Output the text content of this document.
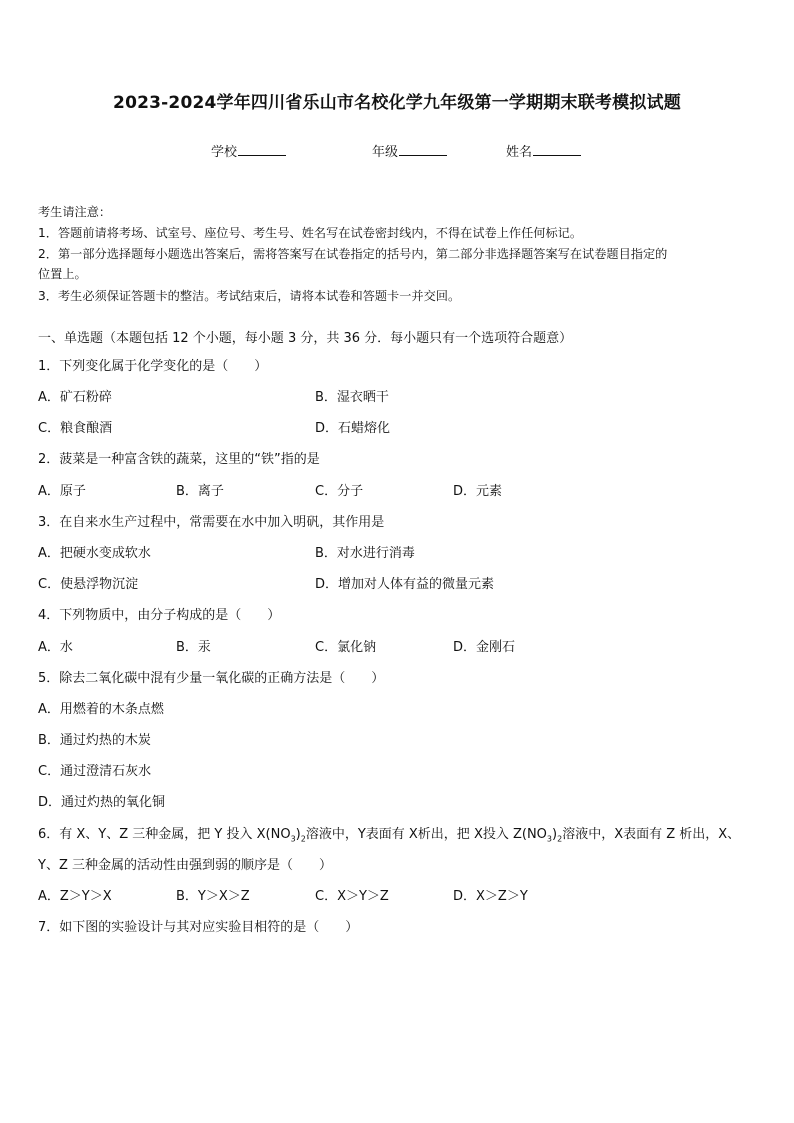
2023-2024学年四川省乐山市名校化学九年级第一学期期末联考模拟试题
学校	年级	姓名
考生请注意：
1．答题前请将考场、试室号、座位号、考生号、姓名写在试卷密封线内，不得在试卷上作任何标记。
2．第一部分选择题每小题选出答案后，需将答案写在试卷指定的括号内，第二部分非选择题答案写在试卷题目指定的
位置上。
3．考生必须保证答题卡的整洁。考试结束后，请将本试卷和答题卡一并交回。
一、单选题（本题包括 12 个小题，每小题 3 分，共 36 分．每小题只有一个选项符合题意）
1．下列变化属于化学变化的是（　　）
A．矿石粉碎	B．湿衣晒干
C．粮食酿酒	D．石蜡熔化
2．菠菜是一种富含铁的蔬菜，这里的“铁”指的是
A．原子	B．离子	C．分子	D．元素
3．在自来水生产过程中，常需要在水中加入明矾，其作用是
A．把硬水变成软水	B．对水进行消毒
C．使悬浮物沉淀	D．增加对人体有益的微量元素
4．下列物质中，由分子构成的是（　　）
A．水	B．汞	C．氯化钠	D．金刚石
5．除去二氧化碳中混有少量一氧化碳的正确方法是（　　）
A．用燃着的木条点燃
B．通过灼热的木炭
C．通过澄清石灰水
D．通过灼热的氧化铜
6．有 X、Y、Z 三种金属，把 Y 投入 $X(NO_3)_2$溶液中，Y表面有 X析出，把 X投入 $Z(NO_3)_2$溶液中，X表面有 Z 析出，X、
Y、Z 三种金属的活动性由强到弱的顺序是（　　）
A．Z＞Y＞X	B．Y＞X＞Z	C．X＞Y＞Z	D．X＞Z＞Y
7．如下图的实验设计与其对应实验目相符的是（　　）
